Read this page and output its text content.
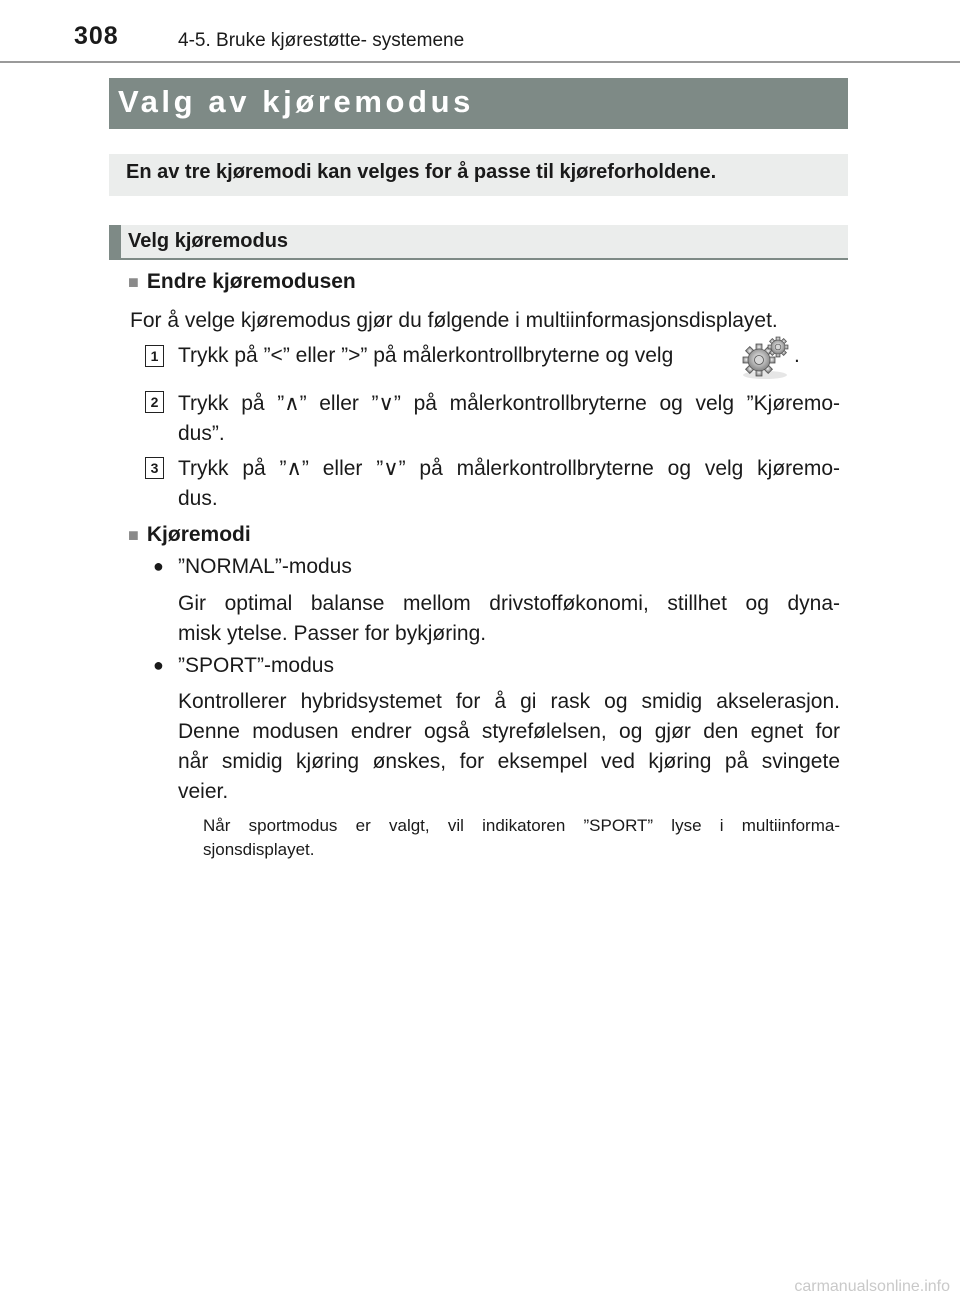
308	4-5. Bruke kjørestøtte- systemene
Valg av kjøremodus
En av tre kjøremodi kan velges for å passe til kjøreforholdene.
Velg kjøremodus
■ Endre kjøremodusen
For å velge kjøremodus gjør du følgende i multiinformasjonsdisplayet.
1 Trykk på ”<” eller ”>” på målerkontrollbryterne og velg	.
2 Trykk på ”∧” eller ”∨” på målerkontrollbryterne og velg ”Kjøremo-
dus”.
3 Trykk på ”∧” eller ”∨” på målerkontrollbryterne og velg kjøremo-
dus.
■ Kjøremodi
● ”NORMAL”-modus
Gir optimal balanse mellom drivstofføkonomi, stillhet og dyna-
misk ytelse. Passer for bykjøring.
● ”SPORT”-modus
Kontrollerer hybridsystemet for å gi rask og smidig akselerasjon.
Denne modusen endrer også styrefølelsen, og gjør den egnet for
når smidig kjøring ønskes, for eksempel ved kjøring på svingete
veier.
Når sportmodus er valgt, vil indikatoren ”SPORT” lyse i multiinforma-
sjonsdisplayet.
carmanualsonline.info
